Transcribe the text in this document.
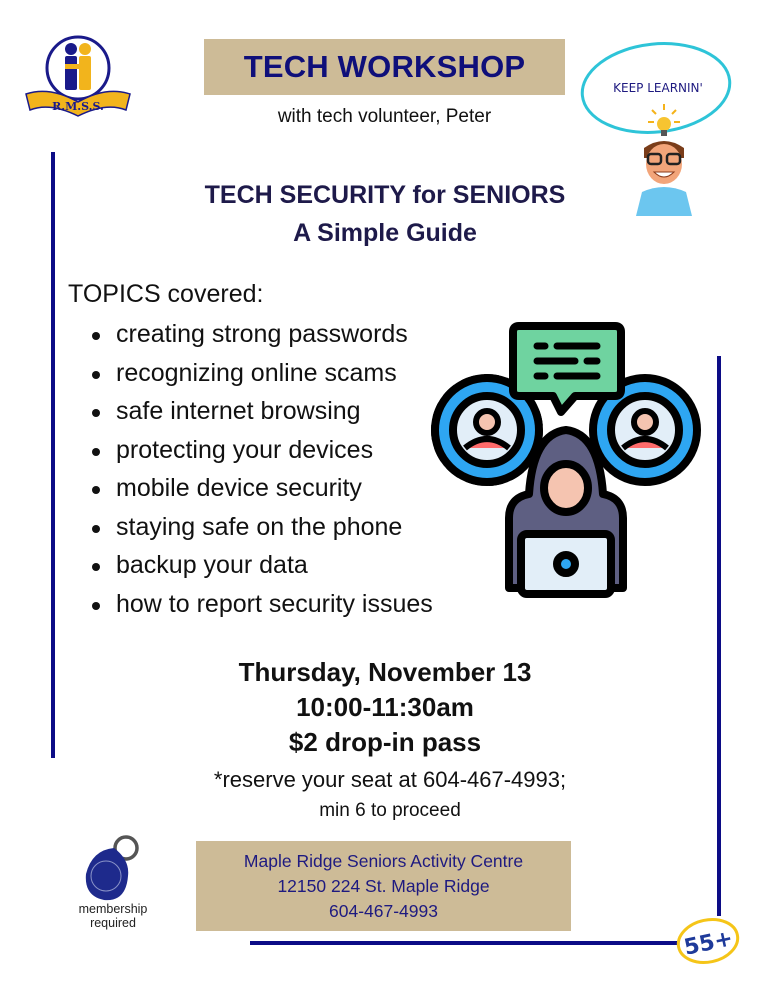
R.M.S.S.
TECH WORKSHOP
with tech volunteer, Peter
KEEP LEARNIN'
TECH SECURITY for SENIORS
A Simple Guide
TOPICS covered:
creating strong passwords
recognizing online scams
safe internet browsing
protecting your devices
mobile device security
staying safe on the phone
backup your data
how to report security issues
Thursday, November 13
10:00-11:30am
$2 drop-in pass
*reserve your seat at 604-467-4993;
min 6 to proceed
membership
required
Maple Ridge Seniors Activity Centre
12150 224 St. Maple Ridge
604-467-4993
55+
